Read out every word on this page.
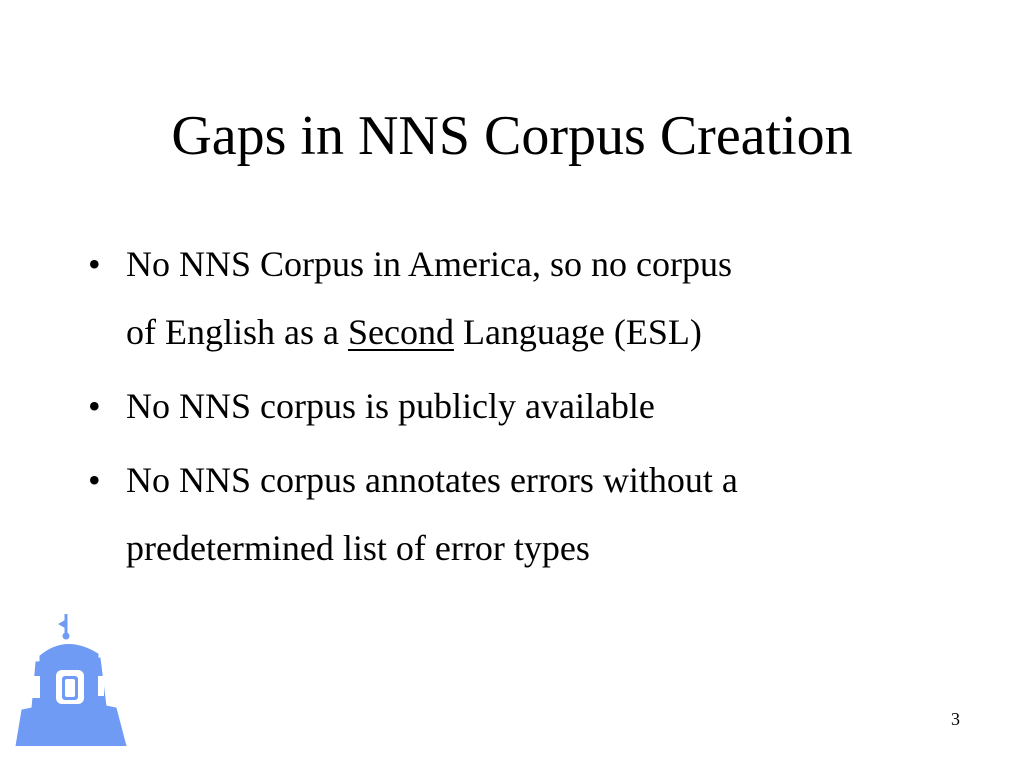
Gaps in NNS Corpus Creation
• No NNS Corpus in America, so no corpus
of English as a Second Language (ESL)
• No NNS corpus is publicly available
• No NNS corpus annotates errors without a
predetermined list of error types
3
